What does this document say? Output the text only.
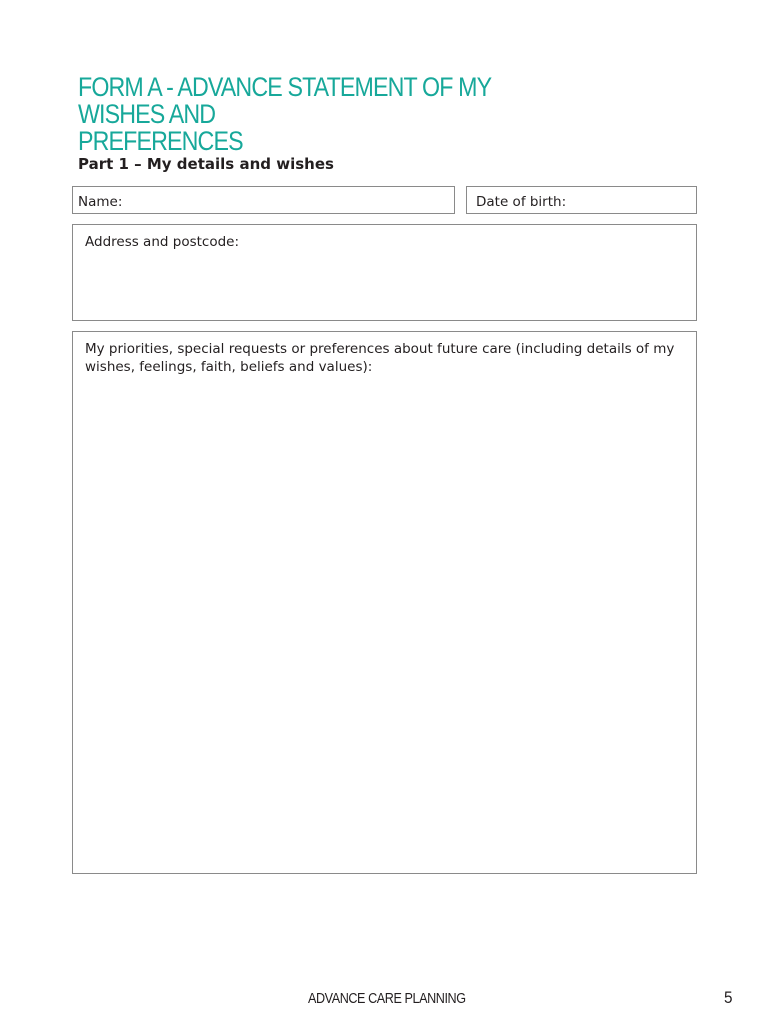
FORM A - ADVANCE STATEMENT OF MY WISHES AND
PREFERENCES
Part 1 – My details and wishes
Name:	Date of birth:
Address and postcode:
My priorities, special requests or preferences about future care (including details of my wishes, feelings, faith, beliefs and values):
ADVANCE CARE PLANNING	5
